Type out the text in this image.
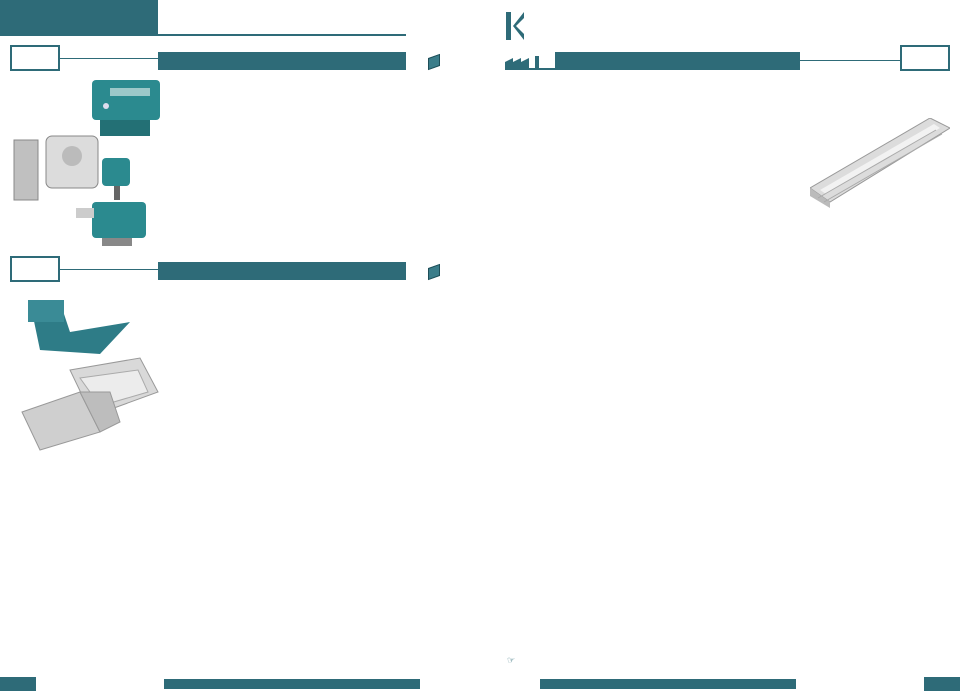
☞
